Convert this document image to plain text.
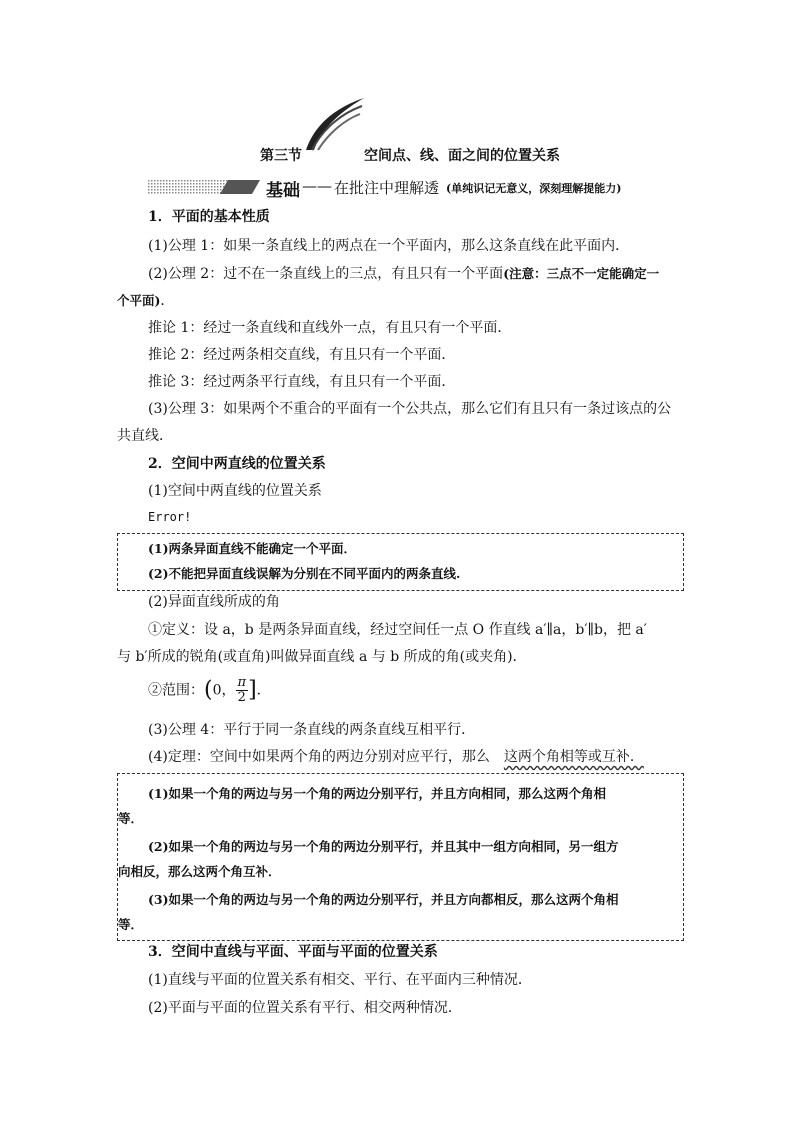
第三节	空间点、线、面之间的位置关系
基础 —— 在批注中理解透 (单纯识记无意义，深刻理解提能力)
1．平面的基本性质
(1)公理 1：如果一条直线上的两点在一个平面内，那么这条直线在此平面内．
(2)公理 2：过不在一条直线上的三点，有且只有一个平面(注意：三点不一定能确定一
个平面)．
推论 1：经过一条直线和直线外一点，有且只有一个平面．
推论 2：经过两条相交直线，有且只有一个平面．
推论 3：经过两条平行直线，有且只有一个平面．
(3)公理 3：如果两个不重合的平面有一个公共点，那么它们有且只有一条过该点的公
共直线．
2．空间中两直线的位置关系
(1)空间中两直线的位置关系
Error!
(1)两条异面直线不能确定一个平面．
(2)不能把异面直线误解为分别在不同平面内的两条直线.
(2)异面直线所成的角
①定义：设 a，b 是两条异面直线，经过空间任一点 O 作直线 a′∥a，b′∥b，把 a′
与 b′所成的锐角(或直角)叫做异面直线 a 与 b 所成的角(或夹角)．
②范围：(0， $\frac{\pi}{2}$ ]．
(3)公理 4：平行于同一条直线的两条直线互相平行．
(4)定理：空间中如果两个角的两边分别对应平行，那么 这两个角相等或互补．
(1)如果一个角的两边与另一个角的两边分别平行，并且方向相同，那么这两个角相
等．
(2)如果一个角的两边与另一个角的两边分别平行，并且其中一组方向相同，另一组方
向相反，那么这两个角互补．
(3)如果一个角的两边与另一个角的两边分别平行，并且方向都相反，那么这两个角相
等．
3．空间中直线与平面、平面与平面的位置关系
(1)直线与平面的位置关系有相交、平行、在平面内三种情况．
(2)平面与平面的位置关系有平行、相交两种情况．
